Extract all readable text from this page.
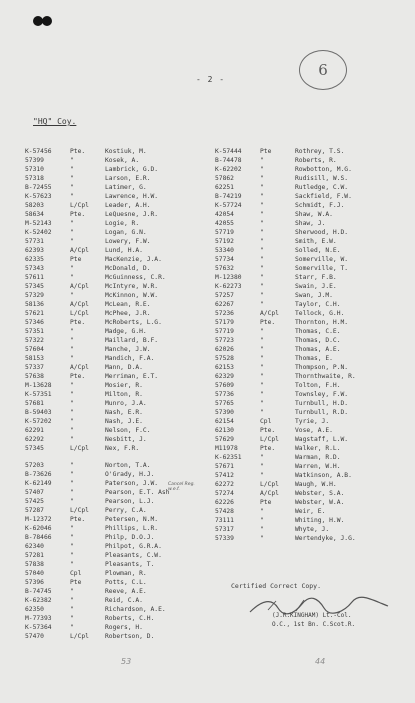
- 2 -
6
"HQ" Coy.
K-57456	Pte.	Kostiuk, M.
57399	"	Kosek, A.
57310	"	Lambrick, G.D.
57318	"	Larson, E.R.
B-72455	"	Latimer, G.
K-57623	"	Lawrence, H.W.
58203	L/Cpl	Leader, A.H.
58634	Pte.	LeQuesne, J.R.
M-52143	"	Logie, R.
K-52402	"	Logan, G.N.
57731	"	Lowery, F.W.
62393	A/Cpl	Lund, H.A.
62335	Pte	MacKenzie, J.A.
57343	"	McDonald, D.
57611	"	McGuinness, C.R.
57345	A/Cpl	McIntyre, W.R.
57329	"	McKinnon, W.W.
58136	A/Cpl	McLean, R.E.
57621	L/Cpl	McPhee, J.R.
57346	Pte.	McRoberts, L.G.
57351	"	Madge, G.H.
57322	"	Maillard, B.F.
57604	"	Manche, J.W.
58153	"	Mandich, F.A.
57337	A/Cpl	Mann, D.A.
57638	Pte.	Merriman, E.T.
M-13628	"	Mosier, R.
K-57351	"	Milton, R.
57681	"	Munro, J.A.
B-59403	"	Nash, E.R.
K-57202	"	Nash, J.E.
62291	"	Nelson, F.C.
62292	"	Nesbitt, J.
57345	L/Cpl	Nex, F.R.
57203	"	Norton, T.A.
B-73626	"	O'Grady, H.J.
K-62149	"	Paterson, J.W.
57407	"	Pearson, E.T. Ash
57425	"	Pearson, L.J.
57287	L/Cpl	Perry, C.A.
M-12372	Pte.	Petersen, N.M.
K-62046	"	Phillips, L.R.
B-78466	"	Philp, D.O.J.
62340	"	Philpot, G.R.A.
57281	"	Pleasants, C.W.
57838	"	Pleasants, T.
57040	Cpl	Plowman, R.
57396	Pte	Potts, C.L.
B-74745	"	Reeve, A.E.
K-62382	"	Reid, C.A.
62350	"	Richardson, A.E.
M-77393	"	Roberts, C.H.
K-57364	"	Rogers, H.
57470	L/Cpl	Robertson, D.
K-57444	Pte	Rothrey, T.S.
B-74478	"	Roberts, R.
K-62202	"	Rowbotton, M.G.
57862	"	Rudisill, W.S.
62251	"	Rutledge, C.W.
B-74219	"	Sackfield, F.W.
K-57724	"	Schmidt, F.J.
42054	"	Shaw, W.A.
42055	"	Shaw, J.
57719	"	Sherwood, H.D.
57192	"	Smith, E.W.
53340	"	Solled, N.E.
57734	"	Somerville, W.
57632	"	Somerville, T.
M-12380	"	Starr, F.B.
K-62273	"	Swain, J.E.
57257	"	Swan, J.M.
62267	"	Taylor, C.H.
57236	A/Cpl	Tellock, G.H.
57179	Pte.	Thornton, H.M.
57719	"	Thomas, C.E.
57723	"	Thomas, D.C.
62026	"	Thomas, A.E.
57528	"	Thomas, E.
62153	"	Thompson, P.N.
62329	"	Thornthwaite, R.
57609	"	Tolton, F.H.
57736	"	Townsley, F.W.
57765	"	Turnbull, H.D.
57390	"	Turnbull, R.D.
62154	Cpl	Tyrie, J.
62130	Pte.	Vose, A.E.
57629	L/Cpl	Wagstaff, L.W.
M11978	Pte.	Walker, R.L.
K-62351	"	Warman, R.D.
57671	"	Warren, W.H.
57412	"	Watkinson, A.B.
62272	L/Cpl	Waugh, W.H.
57274	A/Cpl	Webster, S.A.
62226	Pte	Webster, W.A.
57428	"	Weir, E.
73111	"	Whiting, H.W.
57317	"	Whyte, J.
57339	"	Wertendyke, J.G.
Cancel Reg. w.e.f.
Certified Correct Copy.
(J.R.KINGHAM) Lt.-Col.
O.C., 1st Bn. C.Scot.R.
53	44
